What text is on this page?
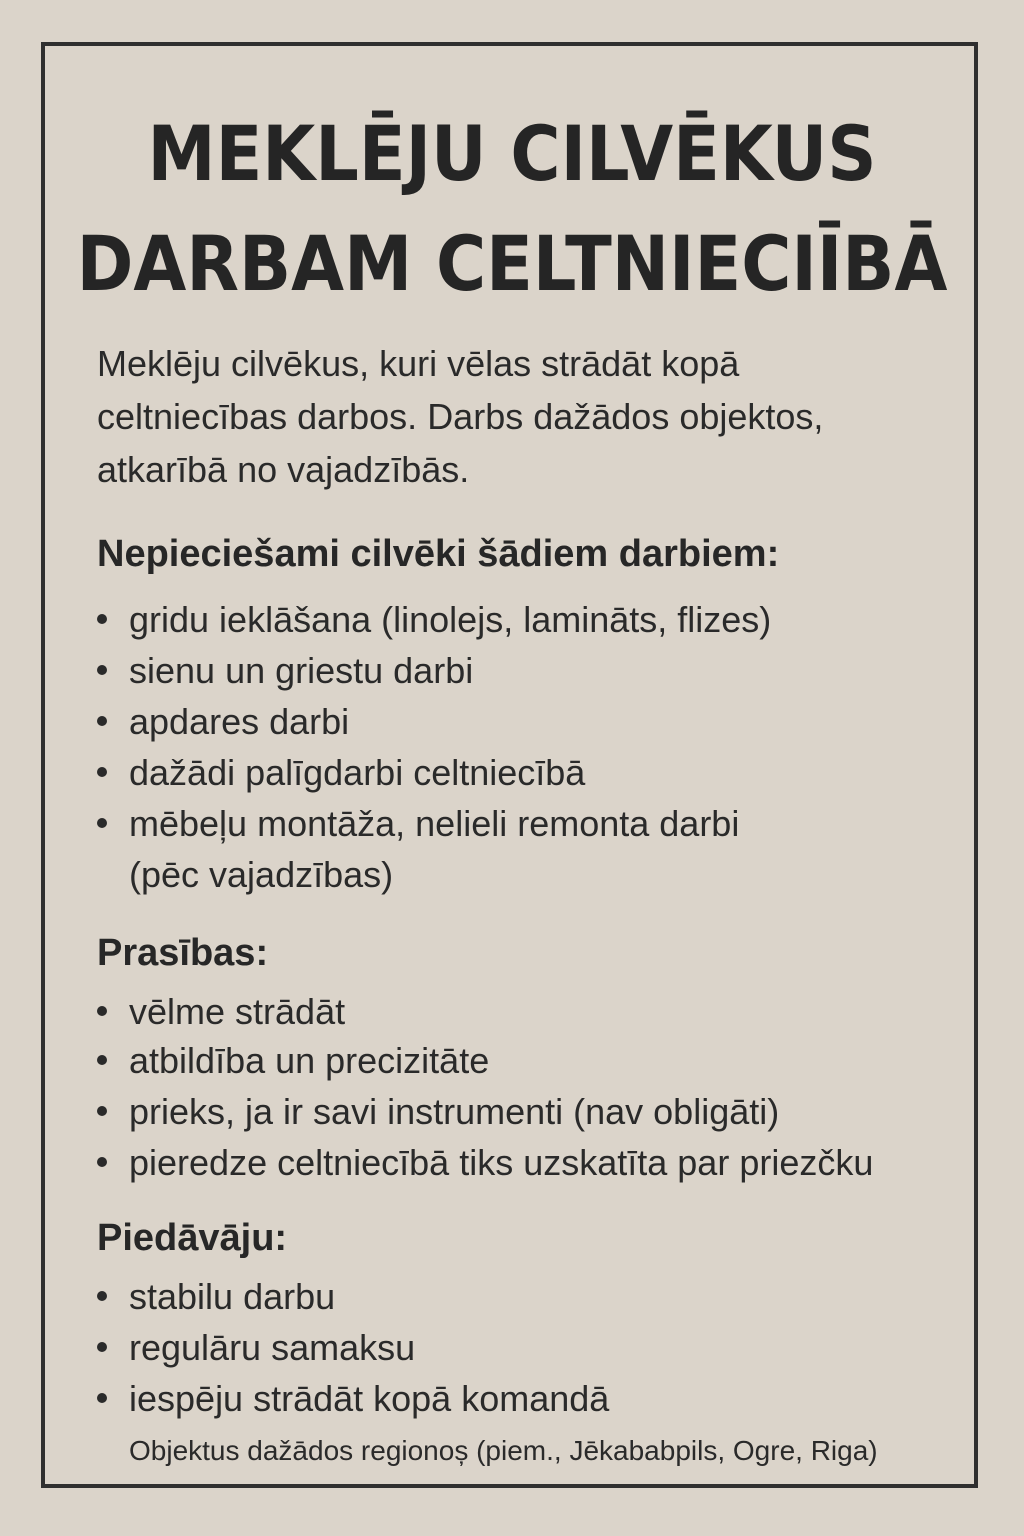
MEKLĒJU CILVĒKUS
DARBAM CELTNIECIĪBĀ
Meklēju cilvēkus, kuri vēlas strādāt kopā
celtniecības darbos. Darbs dažādos objektos,
atkarībā no vajadzībās.
Nepieciešami cilvēki šādiem darbiem:
gridu ieklāšana (linolejs, lamināts, flizes)
sienu un griestu darbi
apdares darbi
dažādi palīgdarbi celtniecībā
mēbeļu montāža, nelieli remonta darbi
(pēc vajadzības)
Prasības:
vēlme strādāt
atbildība un precizitāte
prieks, ja ir savi instrumenti (nav obligāti)
pieredze celtniecībā tiks uzskatīta par priezčku
Piedāvāju:
stabilu darbu
regulāru samaksu
iespēju strādāt kopā komandā
Objektus dažādos regionoș (piem., Jēkababpils, Ogre, Riga)
